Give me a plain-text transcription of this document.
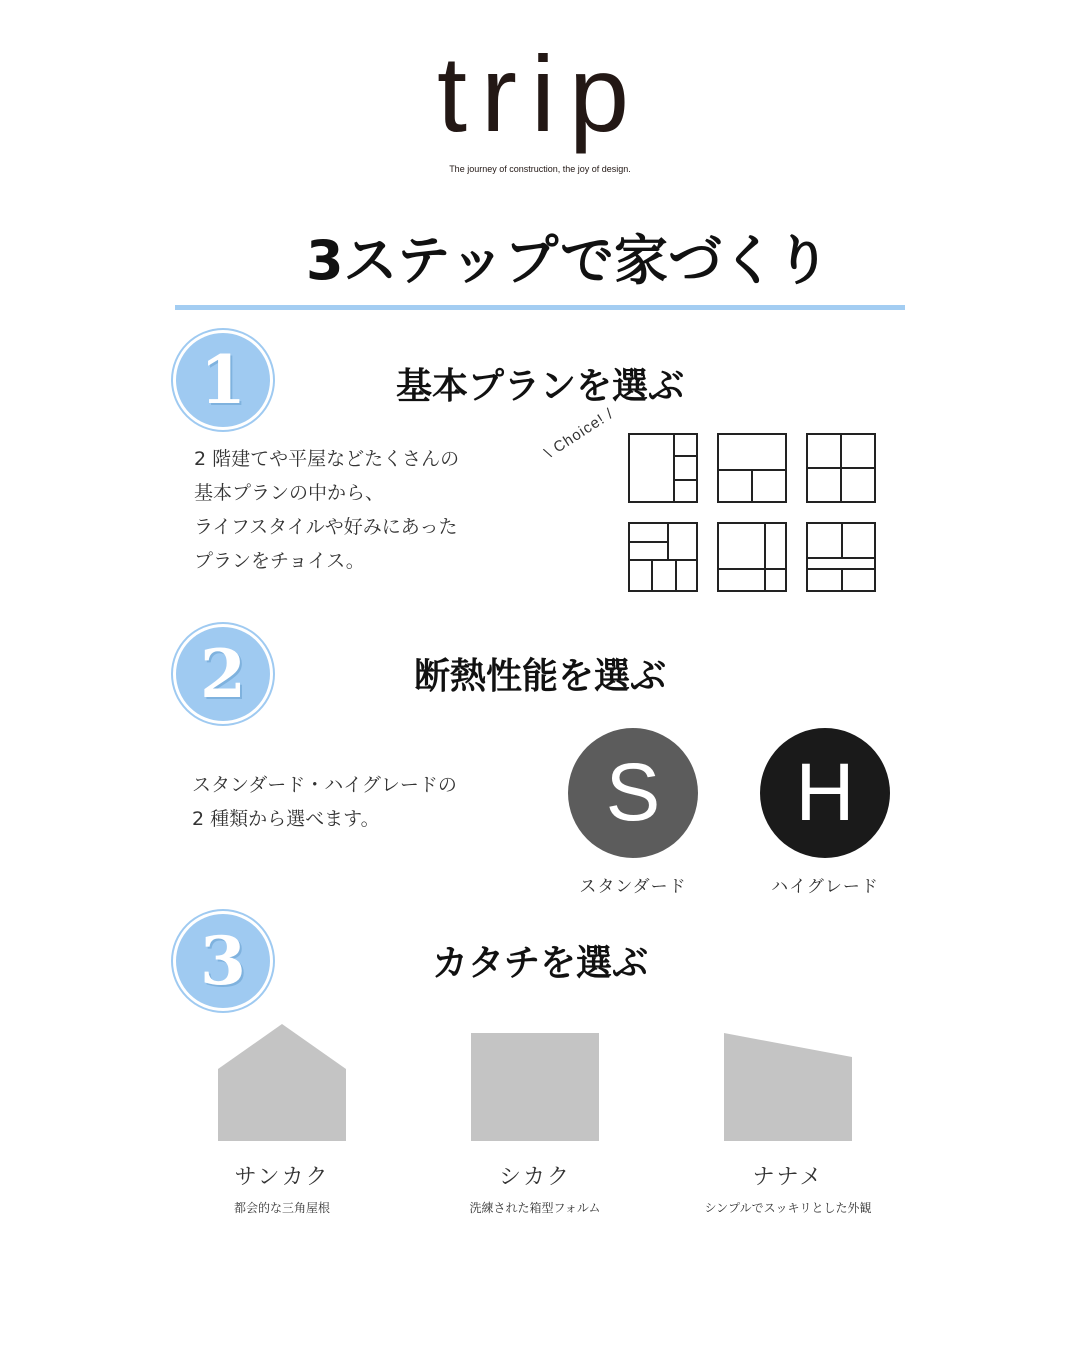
trip
The journey of construction, the joy of design.
3ステップで家づくり
1	基本プランを選ぶ
2 階建てや平屋などたくさんの
基本プランの中から、
ライフスタイルや好みにあった
プランをチョイス。
\ Choice! /
2	断熱性能を選ぶ
スタンダード・ハイグレードの
2 種類から選べます。	S
スタンダード
H
ハイグレード
3	カタチを選ぶ
サンカク
都会的な三角屋根
シカク
洗練された箱型フォルム
ナナメ
シンプルでスッキリとした外観
